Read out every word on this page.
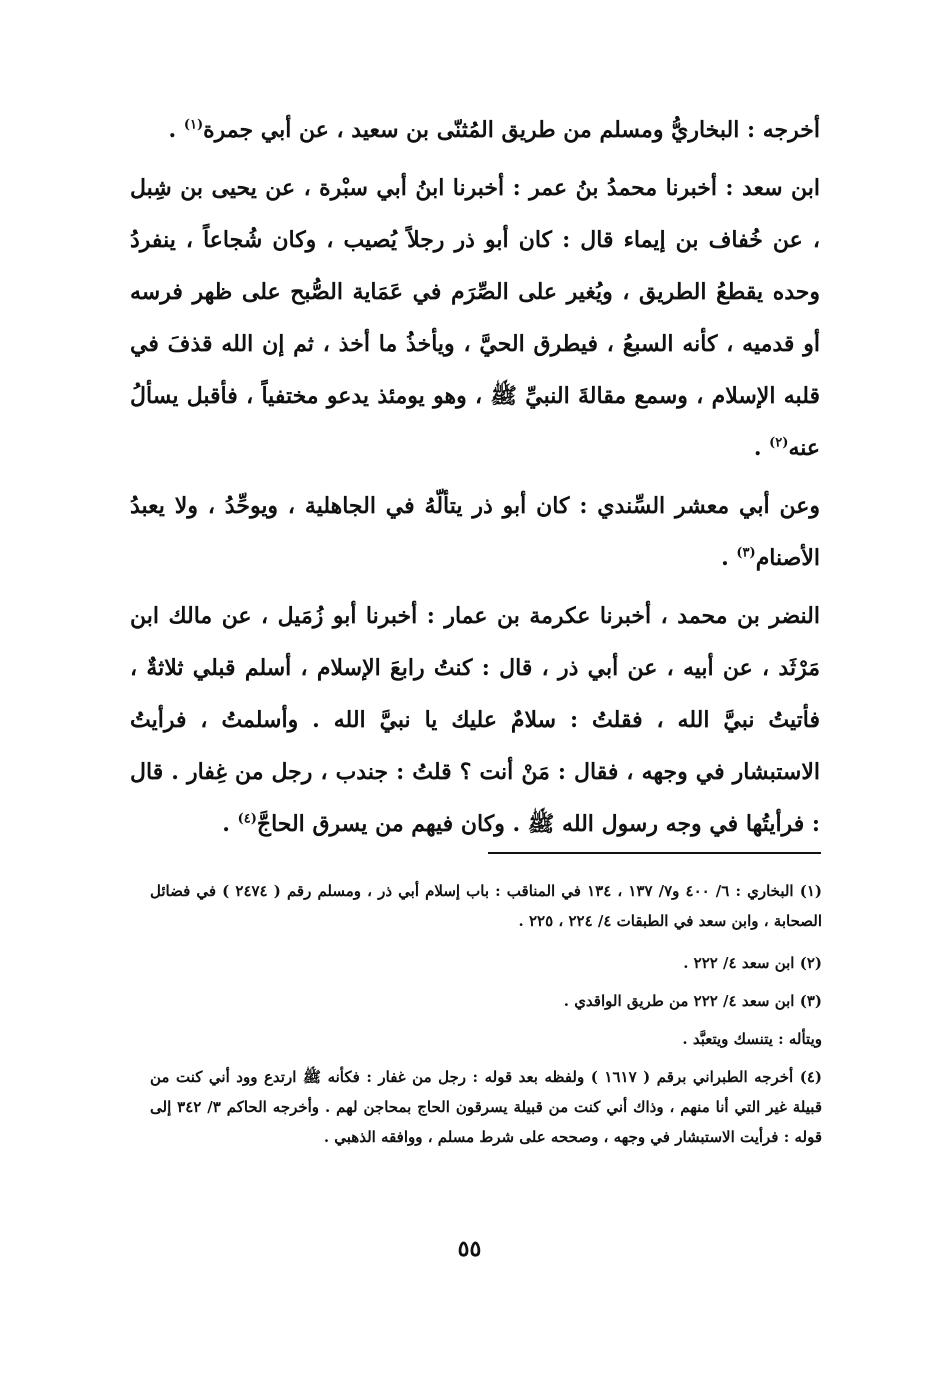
أخرجه : البخاريُّ ومسلم من طريق المُثنّى بن سعيد ، عن أبي جمرة$^{(١)}$ .

ابن سعد : أخبرنا محمدُ بنُ عمر : أخبرنا ابنُ أبي سبْرة ، عن يحيى بن شِبل ، عن خُفاف بن إيماء قال : كان أبو ذر رجلاً يُصيب ، وكان شُجاعاً ، ينفردُ وحده يقطعُ الطريق ، ويُغير على الصِّرَم في عَمَاية الصُّبح على ظهر فرسه أو قدميه ، كأنه السبعُ ، فيطرق الحيَّ ، ويأخذُ ما أخذ ، ثم إن الله قذفَ في قلبه الإسلام ، وسمع مقالةَ النبيِّ ﷺ ، وهو يومئذ يدعو مختفياً ، فأقبل يسألُ عنه$^{(٢)}$ .

وعن أبي معشر السِّندي : كان أبو ذر يتألّهُ في الجاهلية ، ويوحِّدُ ، ولا يعبدُ الأصنام$^{(٣)}$ .

النضر بن محمد ، أخبرنا عكرمة بن عمار : أخبرنا أبو زُمَيل ، عن مالك ابن مَرْثَد ، عن أبيه ، عن أبي ذر ، قال : كنتُ رابعَ الإسلام ، أسلم قبلي ثلاثةٌ ، فأتيتُ نبيَّ الله ، فقلتُ : سلامٌ عليك يا نبيَّ الله . وأسلمتُ ، فرأيتُ الاستبشار في وجهه ، فقال : مَنْ أنت ؟ قلتُ : جندب ، رجل من غِفار . قال : فرأيتُها في وجه رسول الله ﷺ . وكان فيهم من يسرق الحاجَّ$^{(٤)}$ .

(١) البخاري : ٦/ ٤٠٠ و٧/ ١٣٧ ، ١٣٤ في المناقب : باب إسلام أبي ذر ، ومسلم رقم ( ٢٤٧٤ ) في فضائل الصحابة ، وابن سعد في الطبقات ٤/ ٢٢٤ ، ٢٢٥ .

(٢) ابن سعد ٤/ ٢٢٢ .

(٣) ابن سعد ٤/ ٢٢٢ من طريق الواقدي .

ويتأله : يتنسك ويتعبَّد .

(٤) أخرجه الطبراني برقم ( ١٦١٧ ) ولفظه بعد قوله : رجل من غفار : فكأنه ﷺ ارتدع وود أني كنت من قبيلة غير التي أنا منهم ، وذاك أني كنت من قبيلة يسرقون الحاج بمحاجن لهم . وأخرجه الحاكم ٣/ ٣٤٢ إلى قوله : فرأيت الاستبشار في وجهه ، وصححه على شرط مسلم ، ووافقه الذهبي .

٥٥
